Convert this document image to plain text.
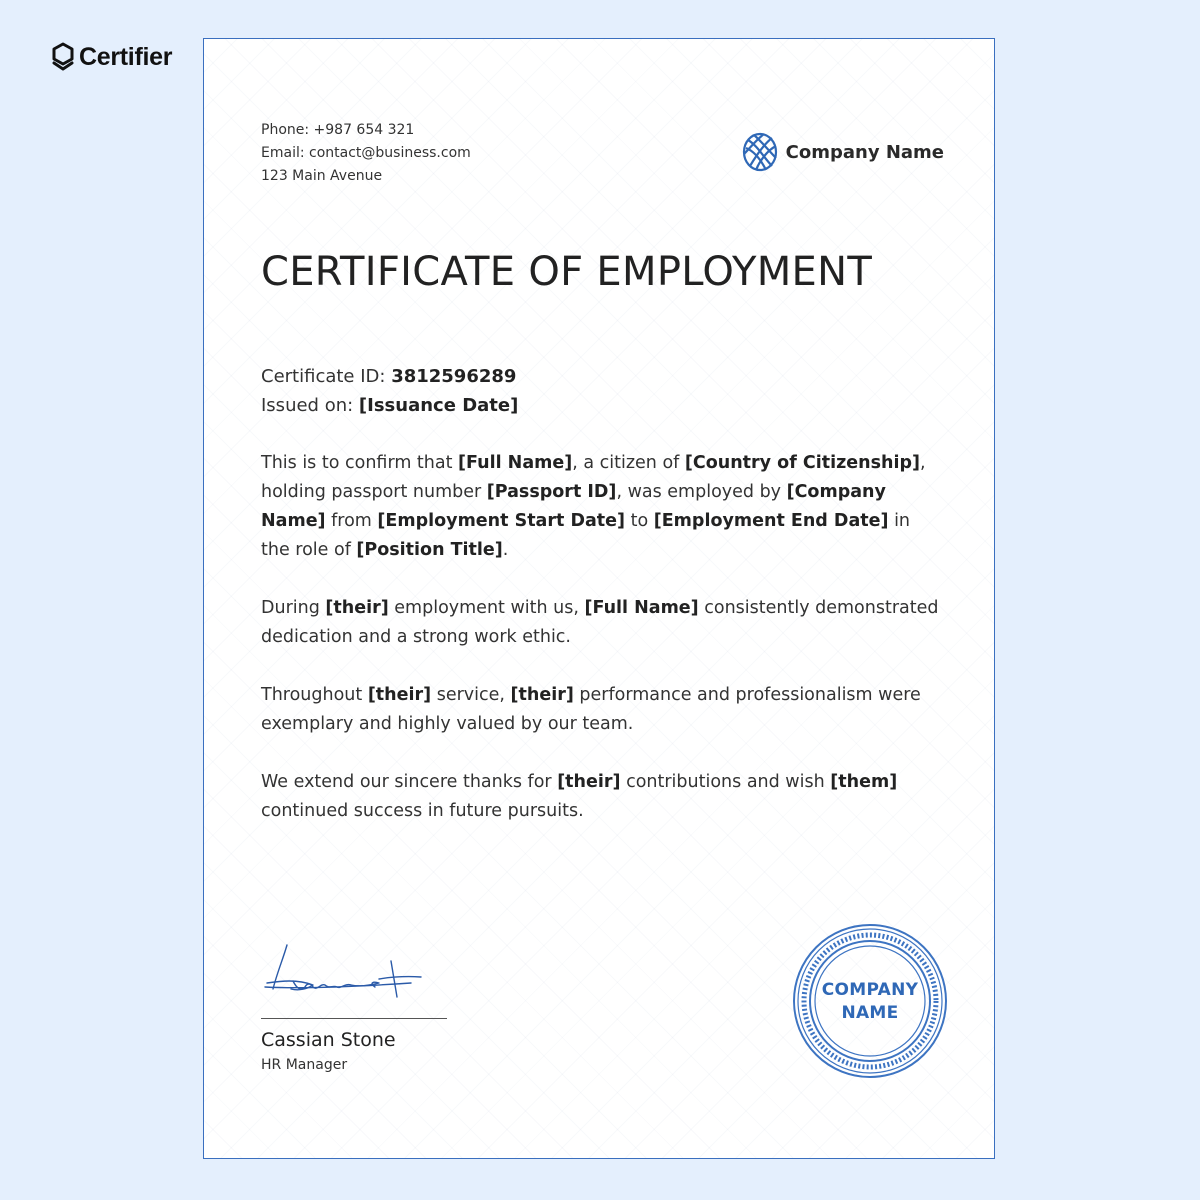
Certifier
Phone: +987 654 321
Email: contact@business.com
123 Main Avenue
Company Name
CERTIFICATE OF EMPLOYMENT
Certificate ID: 3812596289
Issued on: [Issuance Date]

This is to confirm that [Full Name], a citizen of [Country of Citizenship], holding passport number [Passport ID], was employed by [Company Name] from [Employment Start Date] to [Employment End Date] in the role of [Position Title].

During [their] employment with us, [Full Name] consistently demonstrated dedication and a strong work ethic.

Throughout [their] service, [their] performance and professionalism were exemplary and highly valued by our team.

We extend our sincere thanks for [their] contributions and wish [them] continued success in future pursuits.

Cassian Stone
HR Manager
COMPANY
NAME
